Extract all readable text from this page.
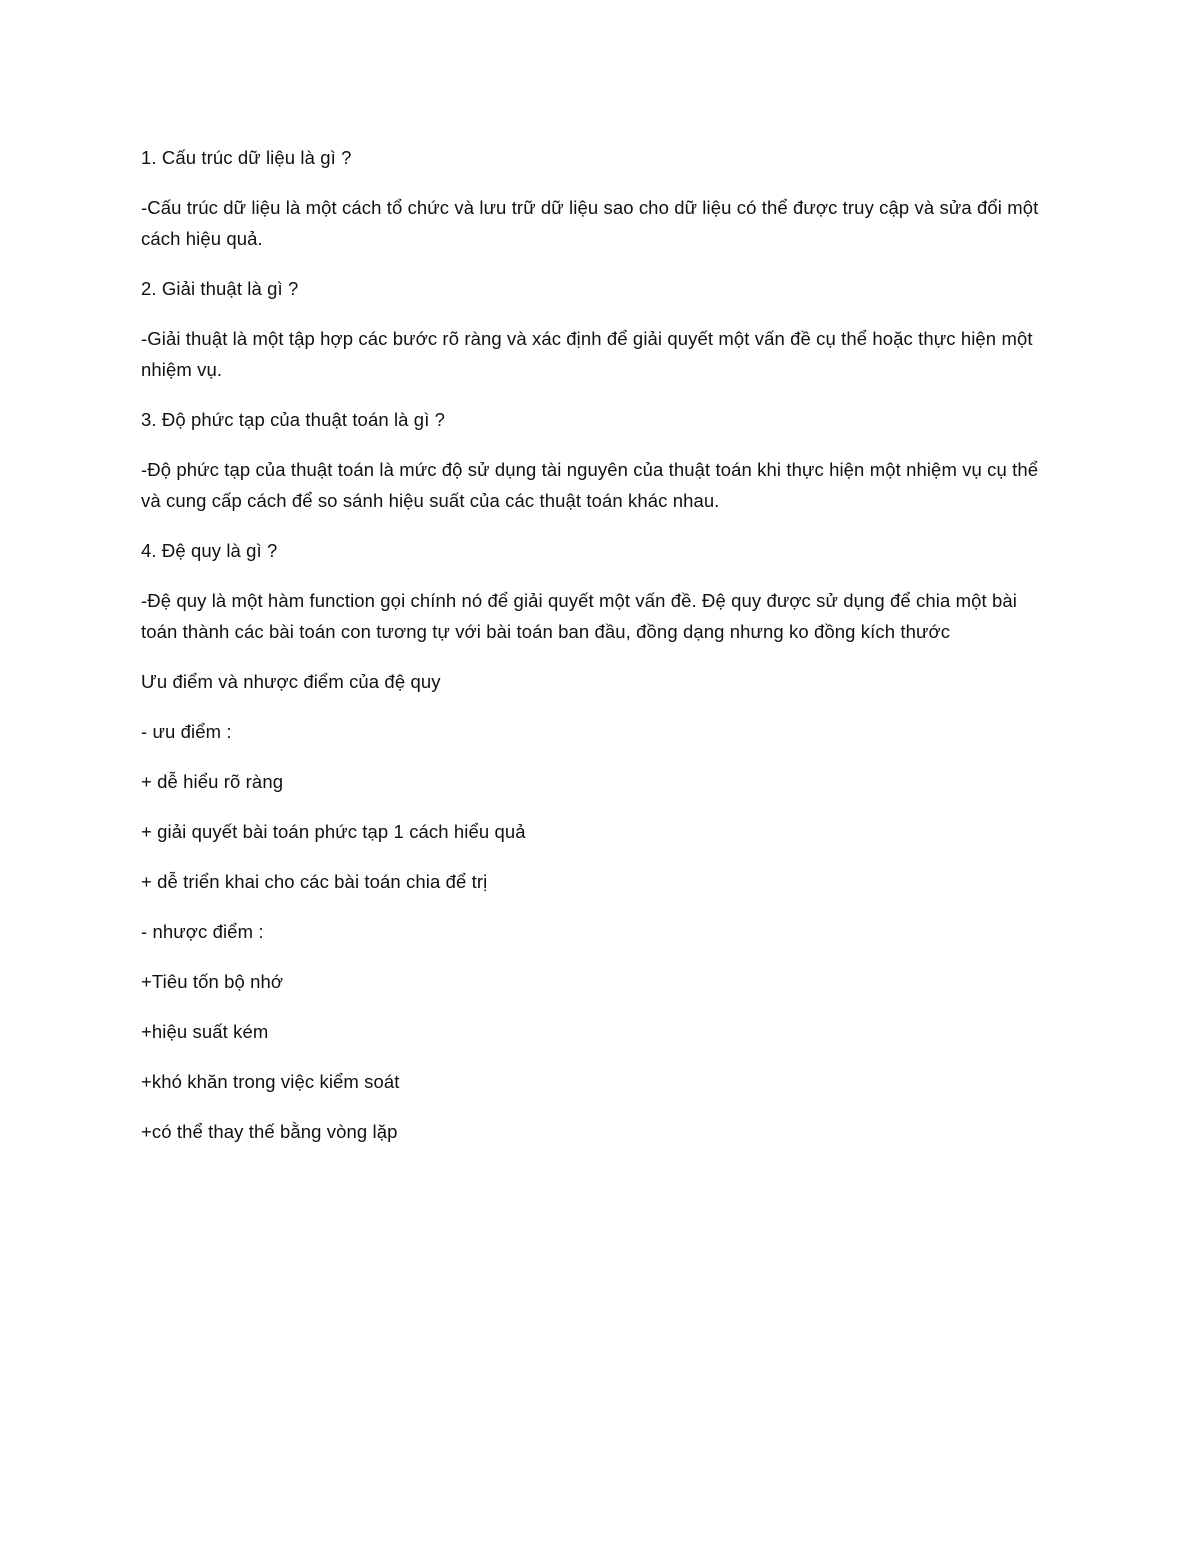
1. Cấu trúc dữ liệu là gì ?

-Cấu trúc dữ liệu là một cách tổ chức và lưu trữ dữ liệu sao cho dữ liệu có thể được truy cập và sửa đổi một cách hiệu quả.

2. Giải thuật là gì ?

-Giải thuật là một tập hợp các bước rõ ràng và xác định để giải quyết một vấn đề cụ thể hoặc thực hiện một nhiệm vụ.

3. Độ phức tạp của thuật toán là gì ?

-Độ phức tạp của thuật toán là mức độ sử dụng tài nguyên của thuật toán khi thực hiện một nhiệm vụ cụ thể và cung cấp cách để so sánh hiệu suất của các thuật toán khác nhau.

4. Đệ quy là gì ?

-Đệ quy là một hàm function gọi chính nó để giải quyết một vấn đề. Đệ quy được sử dụng để chia một bài toán thành các bài toán con tương tự với bài toán ban đầu, đồng dạng nhưng ko đồng kích thước

Ưu điểm và nhược điểm của đệ quy

- ưu điểm :

+ dễ hiểu rõ ràng

+ giải quyết bài toán phức tạp 1 cách hiểu quả

+ dễ triển khai cho các bài toán chia để trị

- nhược điểm :

+Tiêu tốn bộ nhớ

+hiệu suất kém

+khó khăn trong việc kiểm soát

+có thể thay thế bằng vòng lặp
